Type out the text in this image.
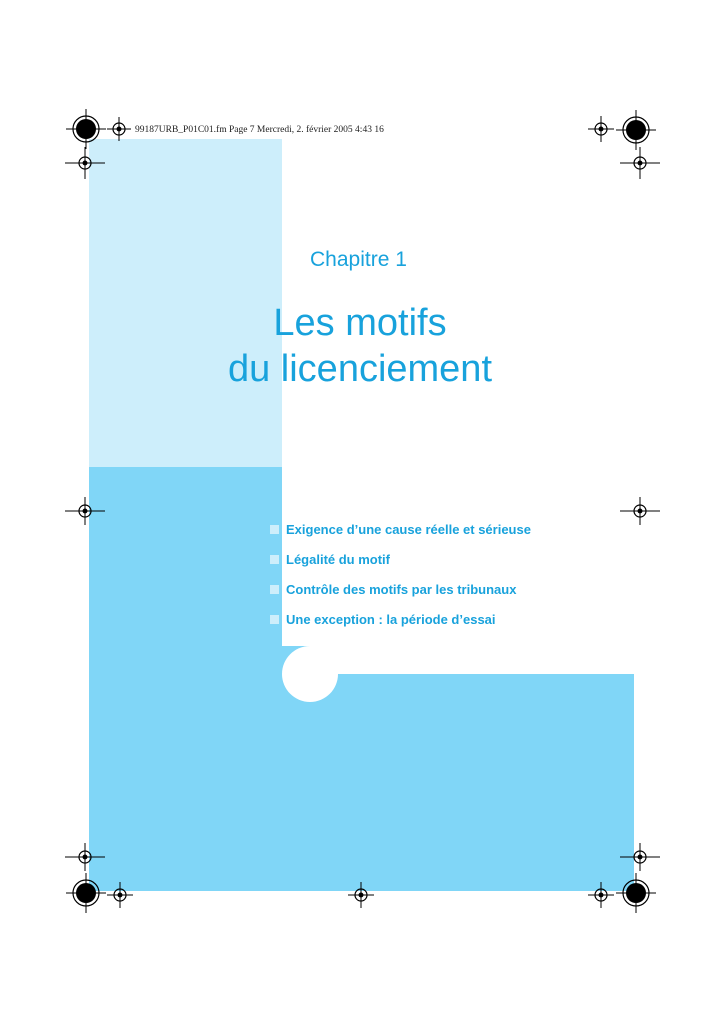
99187URB_P01C01.fm Page 7 Mercredi, 2. février 2005 4:43 16
Chapitre 1
Les motifs
du licenciement
Exigence d’une cause réelle et sérieuse
Légalité du motif
Contrôle des motifs par les tribunaux
Une exception : la période d’essai
